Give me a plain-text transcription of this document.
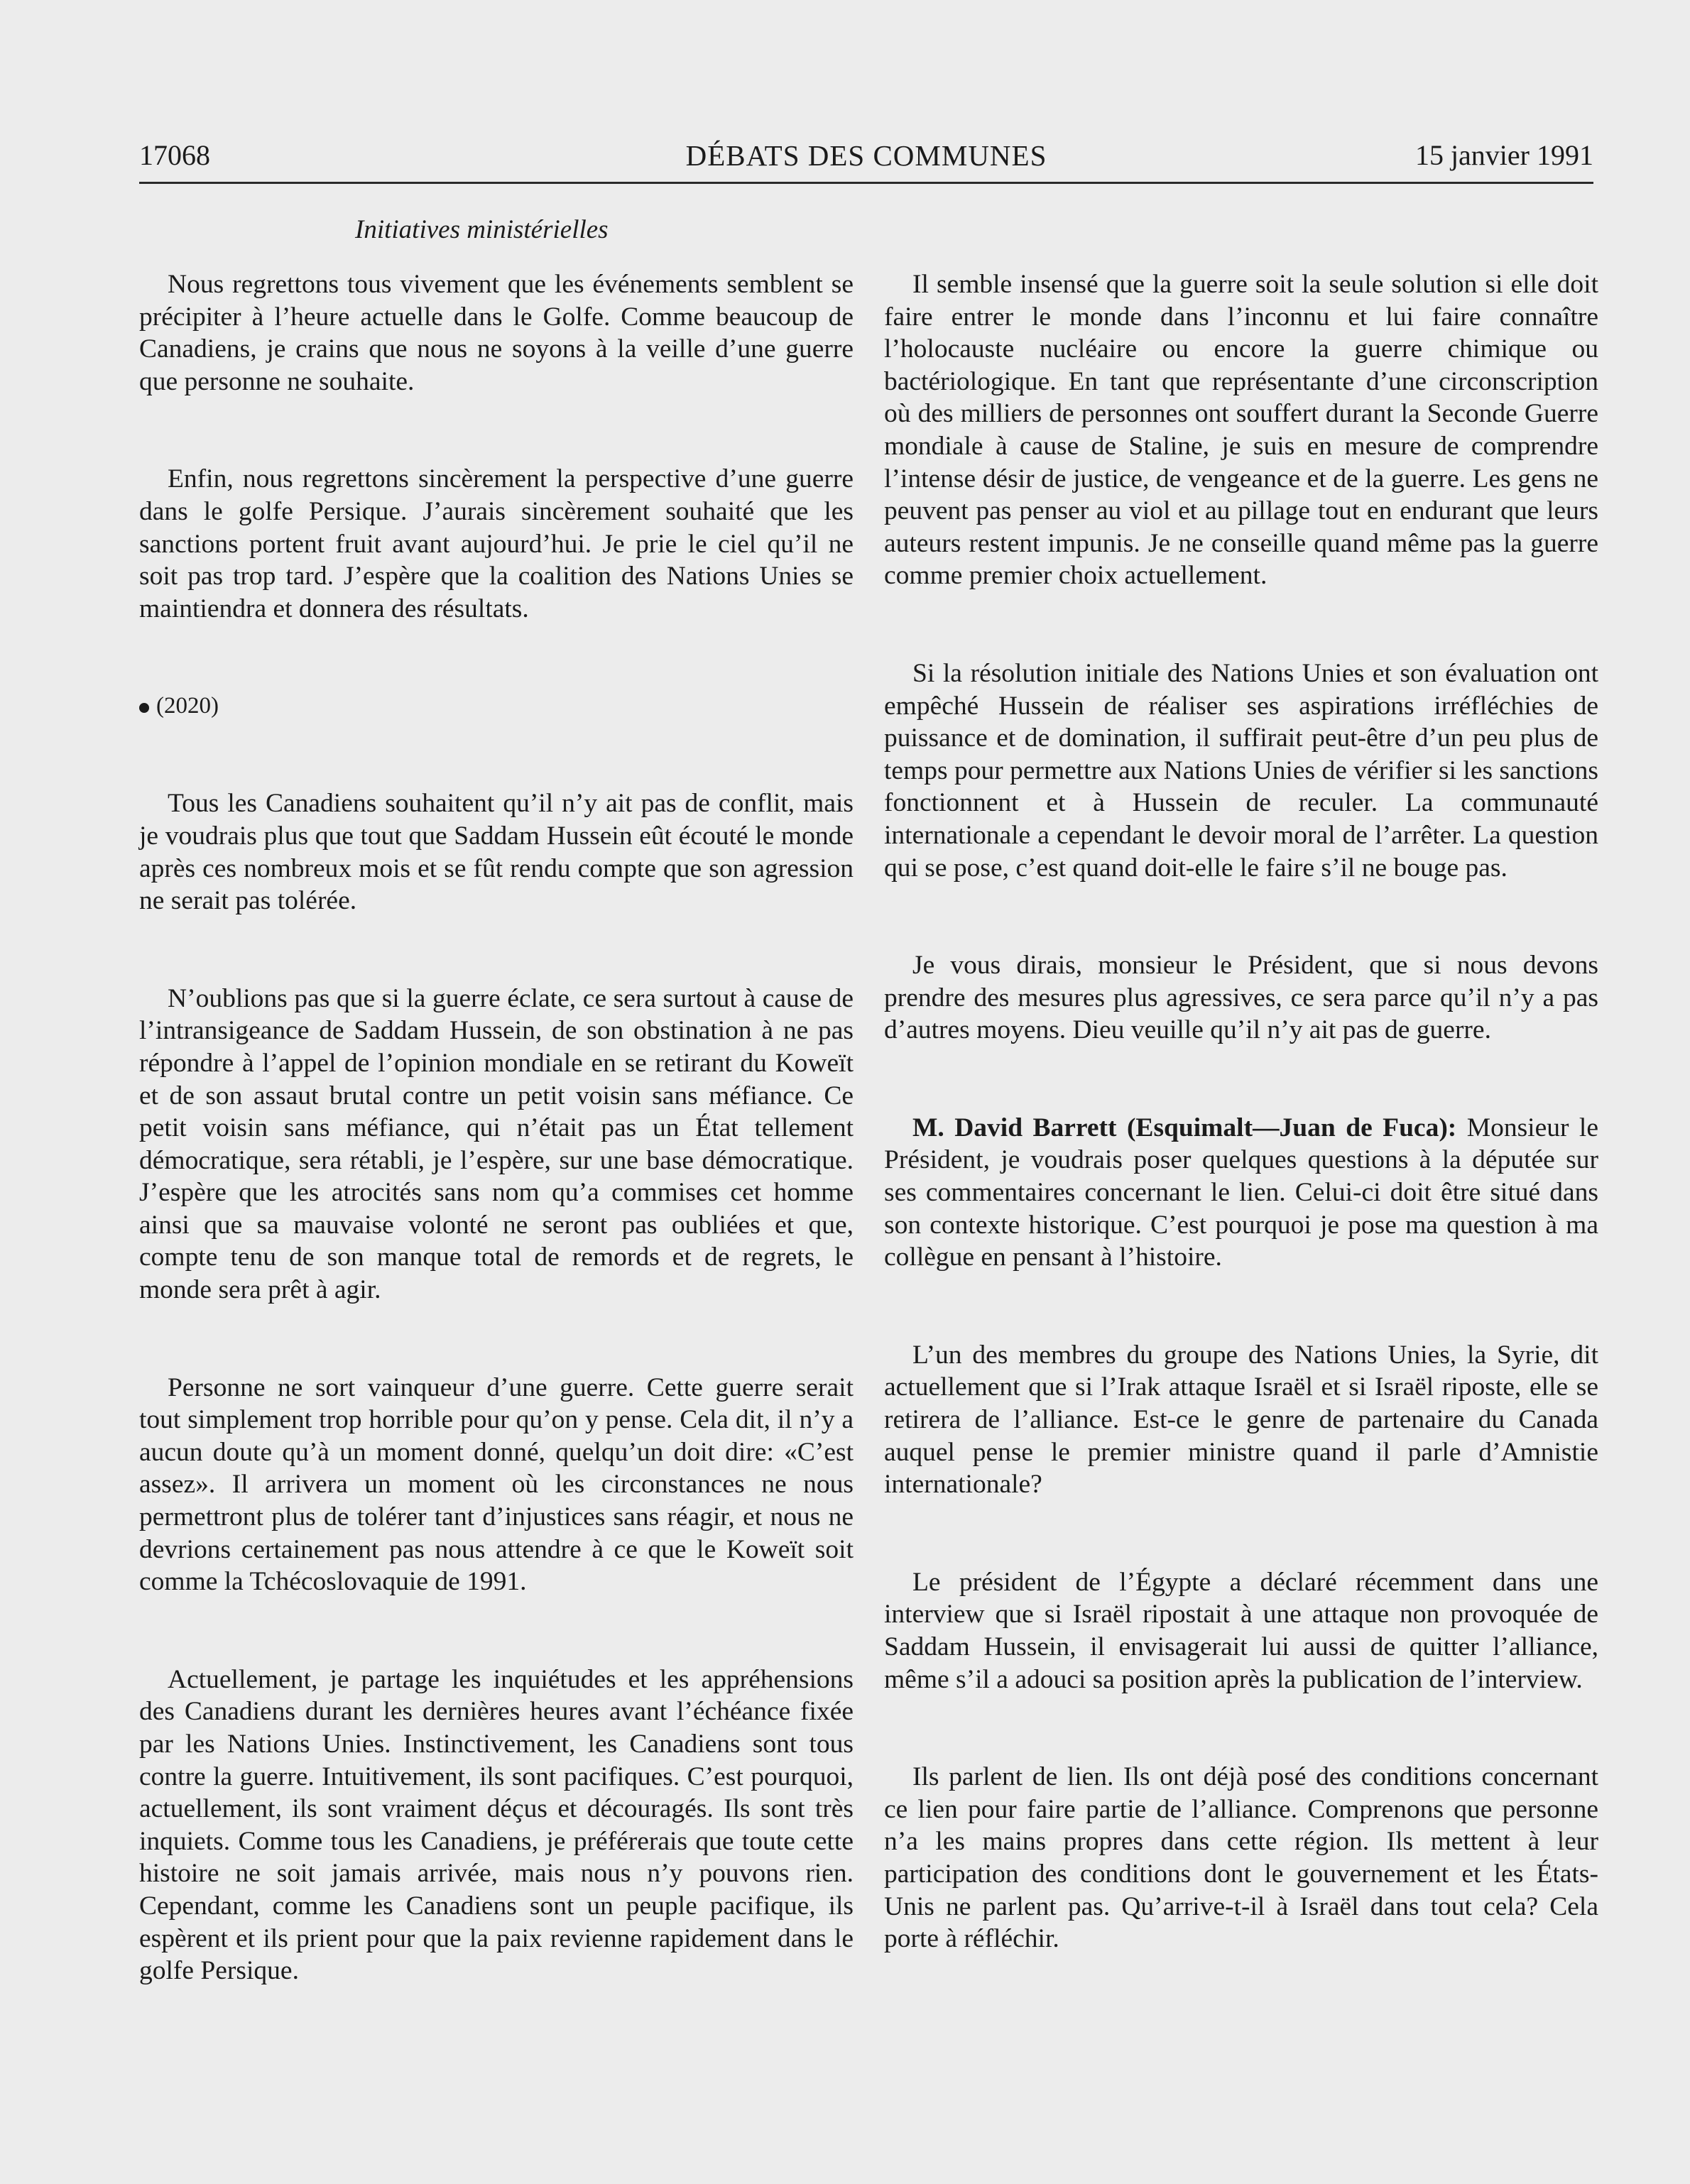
17068	DÉBATS DES COMMUNES	15 janvier 1991
Initiatives ministérielles

Nous regrettons tous vivement que les événements semblent se précipiter à l’heure actuelle dans le Golfe. Comme beaucoup de Canadiens, je crains que nous ne soyons à la veille d’une guerre que personne ne souhaite.

Enfin, nous regrettons sincèrement la perspective d’une guerre dans le golfe Persique. J’aurais sincèrement souhaité que les sanctions portent fruit avant aujourd’hui. Je prie le ciel qu’il ne soit pas trop tard. J’espère que la coalition des Nations Unies se maintiendra et donnera des résultats.

(2020)

Tous les Canadiens souhaitent qu’il n’y ait pas de conflit, mais je voudrais plus que tout que Saddam Hussein eût écouté le monde après ces nombreux mois et se fût rendu compte que son agression ne serait pas tolérée.

N’oublions pas que si la guerre éclate, ce sera surtout à cause de l’intransigeance de Saddam Hussein, de son obstination à ne pas répondre à l’appel de l’opinion mondiale en se retirant du Koweït et de son assaut brutal contre un petit voisin sans méfiance. Ce petit voisin sans méfiance, qui n’était pas un État tellement démocratique, sera rétabli, je l’espère, sur une base démocratique. J’espère que les atrocités sans nom qu’a commises cet homme ainsi que sa mauvaise volonté ne seront pas oubliées et que, compte tenu de son manque total de remords et de regrets, le monde sera prêt à agir.

Personne ne sort vainqueur d’une guerre. Cette guerre serait tout simplement trop horrible pour qu’on y pense. Cela dit, il n’y a aucun doute qu’à un moment donné, quelqu’un doit dire: «C’est assez». Il arrivera un moment où les circonstances ne nous permettront plus de tolérer tant d’injustices sans réagir, et nous ne devrions certainement pas nous attendre à ce que le Koweït soit comme la Tchécoslovaquie de 1991.

Actuellement, je partage les inquiétudes et les appréhensions des Canadiens durant les dernières heures avant l’échéance fixée par les Nations Unies. Instinctivement, les Canadiens sont tous contre la guerre. Intuitivement, ils sont pacifiques. C’est pourquoi, actuellement, ils sont vraiment déçus et découragés. Ils sont très inquiets. Comme tous les Canadiens, je préférerais que toute cette histoire ne soit jamais arrivée, mais nous n’y pouvons rien. Cependant, comme les Canadiens sont un peuple pacifique, ils espèrent et ils prient pour que la paix revienne rapidement dans le golfe Persique.

Il semble insensé que la guerre soit la seule solution si elle doit faire entrer le monde dans l’inconnu et lui faire connaître l’holocauste nucléaire ou encore la guerre chimique ou bactériologique. En tant que représentante d’une circonscription où des milliers de personnes ont souffert durant la Seconde Guerre mondiale à cause de Staline, je suis en mesure de comprendre l’intense désir de justice, de vengeance et de la guerre. Les gens ne peuvent pas penser au viol et au pillage tout en endurant que leurs auteurs restent impunis. Je ne conseille quand même pas la guerre comme premier choix actuellement.

Si la résolution initiale des Nations Unies et son évaluation ont empêché Hussein de réaliser ses aspirations irréfléchies de puissance et de domination, il suffirait peut-être d’un peu plus de temps pour permettre aux Nations Unies de vérifier si les sanctions fonctionnent et à Hussein de reculer. La communauté internationale a cependant le devoir moral de l’arrêter. La question qui se pose, c’est quand doit-elle le faire s’il ne bouge pas.

Je vous dirais, monsieur le Président, que si nous devons prendre des mesures plus agressives, ce sera parce qu’il n’y a pas d’autres moyens. Dieu veuille qu’il n’y ait pas de guerre.

M. David Barrett (Esquimalt—Juan de Fuca): Monsieur le Président, je voudrais poser quelques questions à la députée sur ses commentaires concernant le lien. Celui-ci doit être situé dans son contexte historique. C’est pourquoi je pose ma question à ma collègue en pensant à l’histoire.

L’un des membres du groupe des Nations Unies, la Syrie, dit actuellement que si l’Irak attaque Israël et si Israël riposte, elle se retirera de l’alliance. Est-ce le genre de partenaire du Canada auquel pense le premier ministre quand il parle d’Amnistie internationale?

Le président de l’Égypte a déclaré récemment dans une interview que si Israël ripostait à une attaque non provoquée de Saddam Hussein, il envisagerait lui aussi de quitter l’alliance, même s’il a adouci sa position après la publication de l’interview.

Ils parlent de lien. Ils ont déjà posé des conditions concernant ce lien pour faire partie de l’alliance. Comprenons que personne n’a les mains propres dans cette région. Ils mettent à leur participation des conditions dont le gouvernement et les États-Unis ne parlent pas. Qu’arrive-t-il à Israël dans tout cela? Cela porte à réfléchir.
